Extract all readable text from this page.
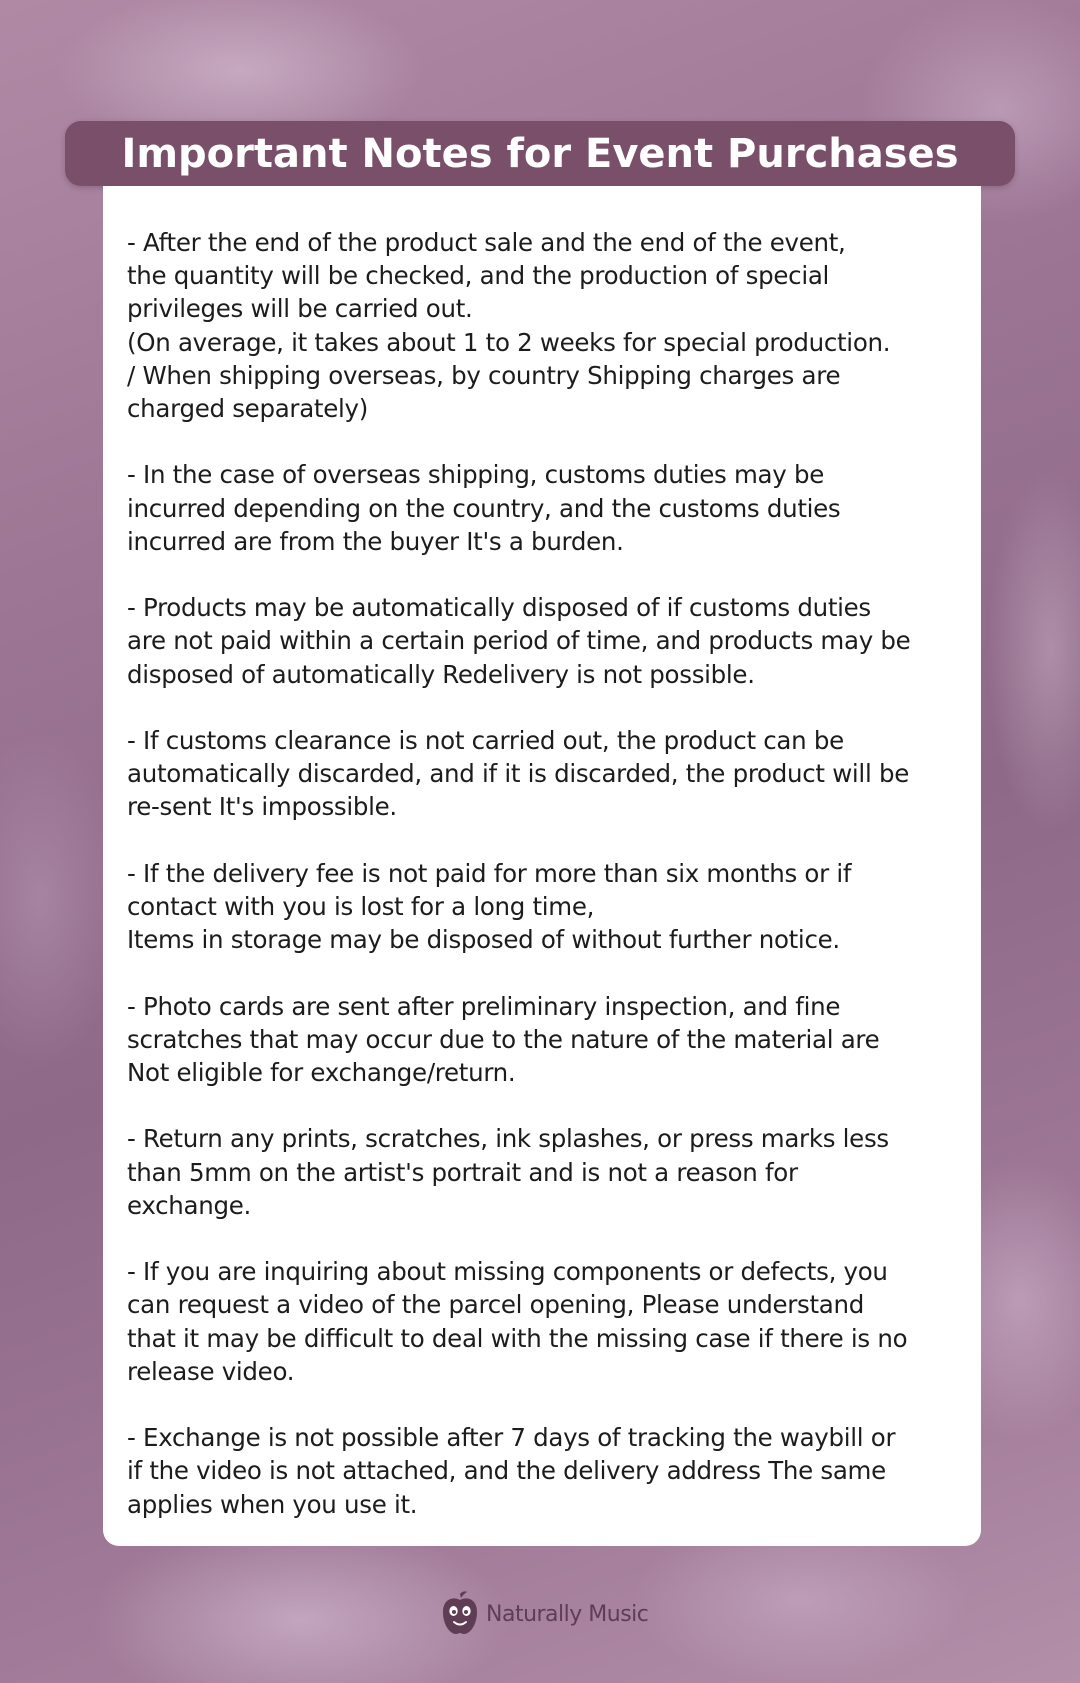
Important Notes for Event Purchases
- After the end of the product sale and the end of the event,
the quantity will be checked, and the production of special
privileges will be carried out.
(On average, it takes about 1 to 2 weeks for special production.
/ When shipping overseas, by country Shipping charges are
charged separately)
- In the case of overseas shipping, customs duties may be
incurred depending on the country, and the customs duties
incurred are from the buyer It's a burden.
- Products may be automatically disposed of if customs duties
are not paid within a certain period of time, and products may be
disposed of automatically Redelivery is not possible.
- If customs clearance is not carried out, the product can be
automatically discarded, and if it is discarded, the product will be
re-sent It's impossible.
- If the delivery fee is not paid for more than six months or if
contact with you is lost for a long time,
Items in storage may be disposed of without further notice.
- Photo cards are sent after preliminary inspection, and fine
scratches that may occur due to the nature of the material are
Not eligible for exchange/return.
- Return any prints, scratches, ink splashes, or press marks less
than 5mm on the artist's portrait and is not a reason for
exchange.
- If you are inquiring about missing components or defects, you
can request a video of the parcel opening, Please understand
that it may be difficult to deal with the missing case if there is no
release video.
- Exchange is not possible after 7 days of tracking the waybill or
if the video is not attached, and the delivery address The same
applies when you use it.
Naturally Music
